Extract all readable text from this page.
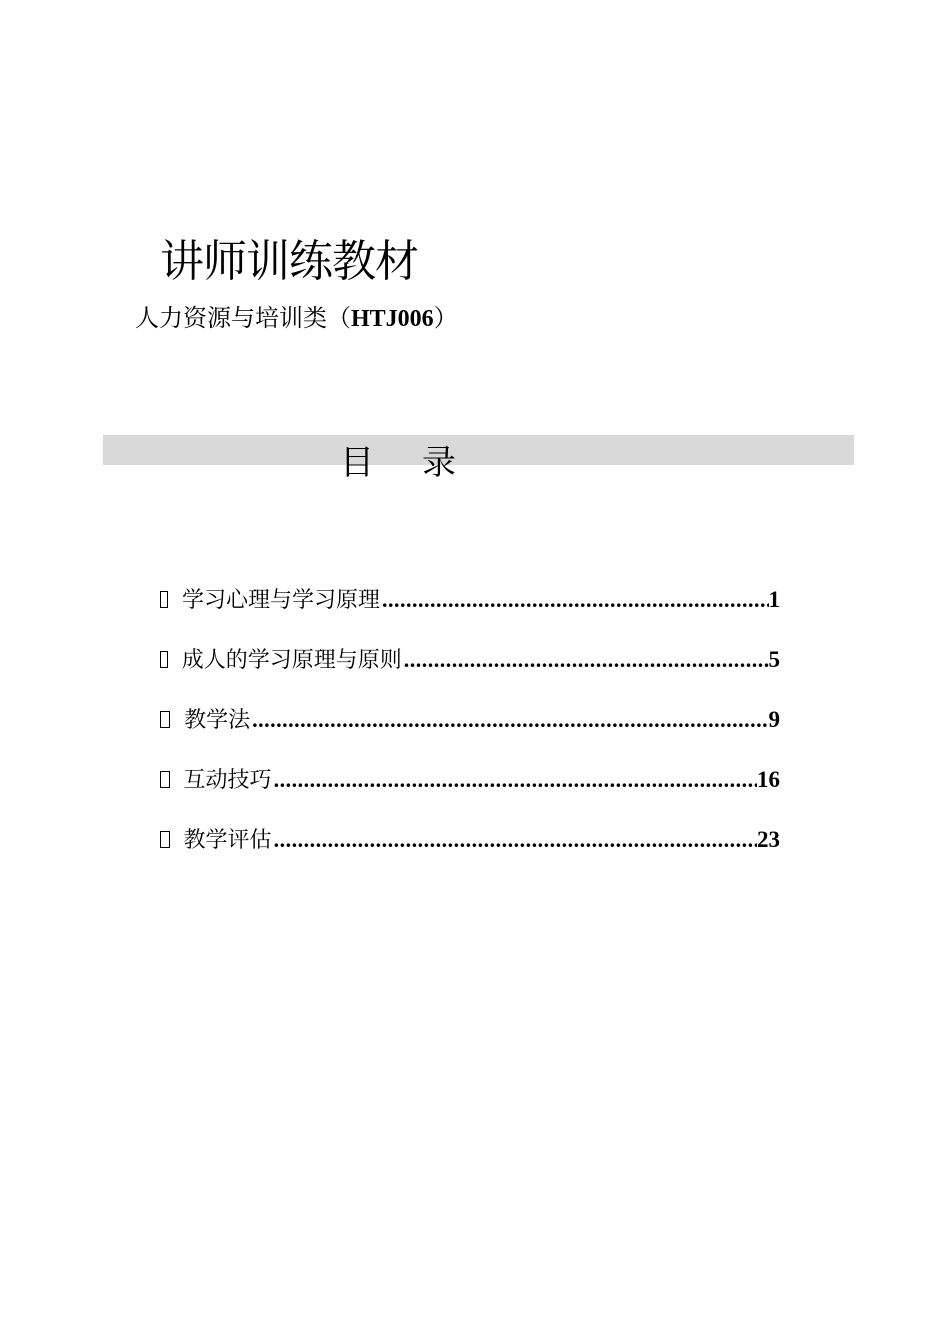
讲师训练教材
人力资源与培训类（HTJ006）
目 录
学习心理与学习原理 .....	1
成人的学习原理与原则 .....	5
教学法 .....	9
互动技巧 .....	16
教学评估 .....	23
